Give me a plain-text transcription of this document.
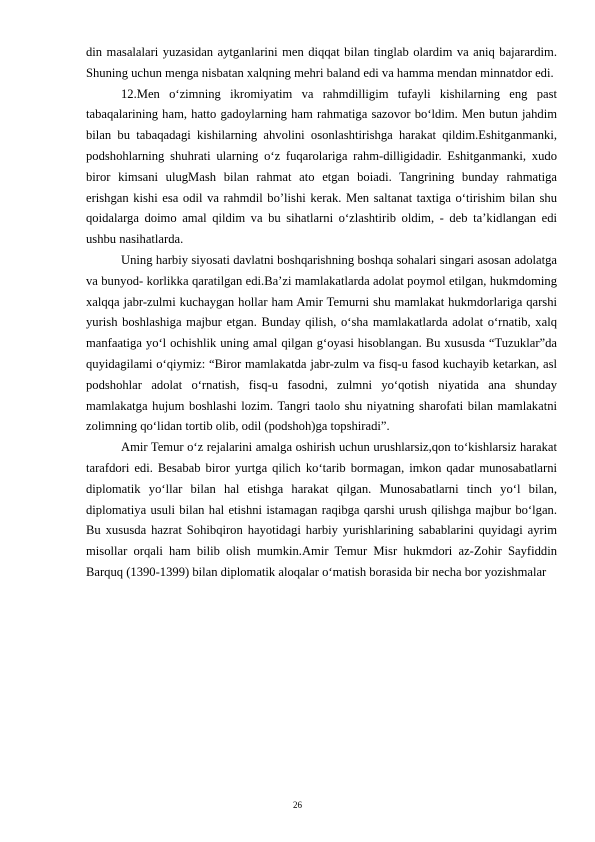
din masalalari yuzasidan aytganlarini men diqqat bilan tinglab olardim va aniq bajarardim. Shuning uchun menga nisbatan xalqning mehri baland edi va hamma mendan minnatdor edi.

12.Men o‘zimning ikromiyatim va rahmdilligim tufayli kishilarning eng past tabaqalarining ham, hatto gadoylarning ham rahmatiga sazovor bo‘ldim. Men butun jahdim bilan bu tabaqadagi kishilarning ahvolini osonlashtirishga harakat qildim.Eshitganmanki, podshohlarning shuhrati ularning o‘z fuqarolariga rahm-dilligidadir. Eshitganmanki, xudo biror kimsani ulugMash bilan rahmat ato etgan boiadi. Tangrining bunday rahmatiga erishgan kishi esa odil va rahmdil bo’lishi kerak. Men saltanat taxtiga o‘tirishim bilan shu qoidalarga doimo amal qildim va bu sihatlarni o‘zlashtirib oldim, - deb ta’kidlangan edi ushbu nasihatlarda.

Uning harbiy siyosati davlatni boshqarishning boshqa sohalari singari asosan adolatga va bunyod- korlikka qaratilgan edi.Ba’zi mamlakatlarda adolat poymol etilgan, hukmdoming xalqqa jabr-zulmi kuchaygan hollar ham Amir Temurni shu mamlakat hukmdorlariga qarshi yurish boshlashiga majbur etgan. Bunday qilish, o‘sha mamlakatlarda adolat o‘rnatib, xalq manfaatiga yo‘l ochishlik uning amal qilgan g‘oyasi hisoblangan. Bu xususda “Tuzuklar”da quyidagilami o‘qiymiz: “Biror mamlakatda jabr-zulm va fisq-u fasod kuchayib ketarkan, asl podshohlar adolat o‘rnatish, fisq-u fasodni, zulmni yo‘qotish niyatida ana shunday mamlakatga hujum boshlashi lozim. Tangri taolo shu niyatning sharofati bilan mamlakatni zolimning qo‘lidan tortib olib, odil (podshoh)ga topshiradi”.

Amir Temur o‘z rejalarini amalga oshirish uchun urushlarsiz,qon to‘kishlarsiz harakat tarafdori edi. Besabab biror yurtga qilich ko‘tarib bormagan, imkon qadar munosabatlarni diplomatik yo‘llar bilan hal etishga harakat qilgan. Munosabatlarni tinch yo‘l bilan, diplomatiya usuli bilan hal etishni istamagan raqibga qarshi urush qilishga majbur bo‘lgan. Bu xususda hazrat Sohibqiron hayotidagi harbiy yurishlarining sabablarini quyidagi ayrim misollar orqali ham bilib olish mumkin.Amir Temur Misr hukmdori az-Zohir Sayfiddin Barquq (1390-1399) bilan diplomatik aloqalar o‘matish borasida bir necha bor yozishmalar

26
